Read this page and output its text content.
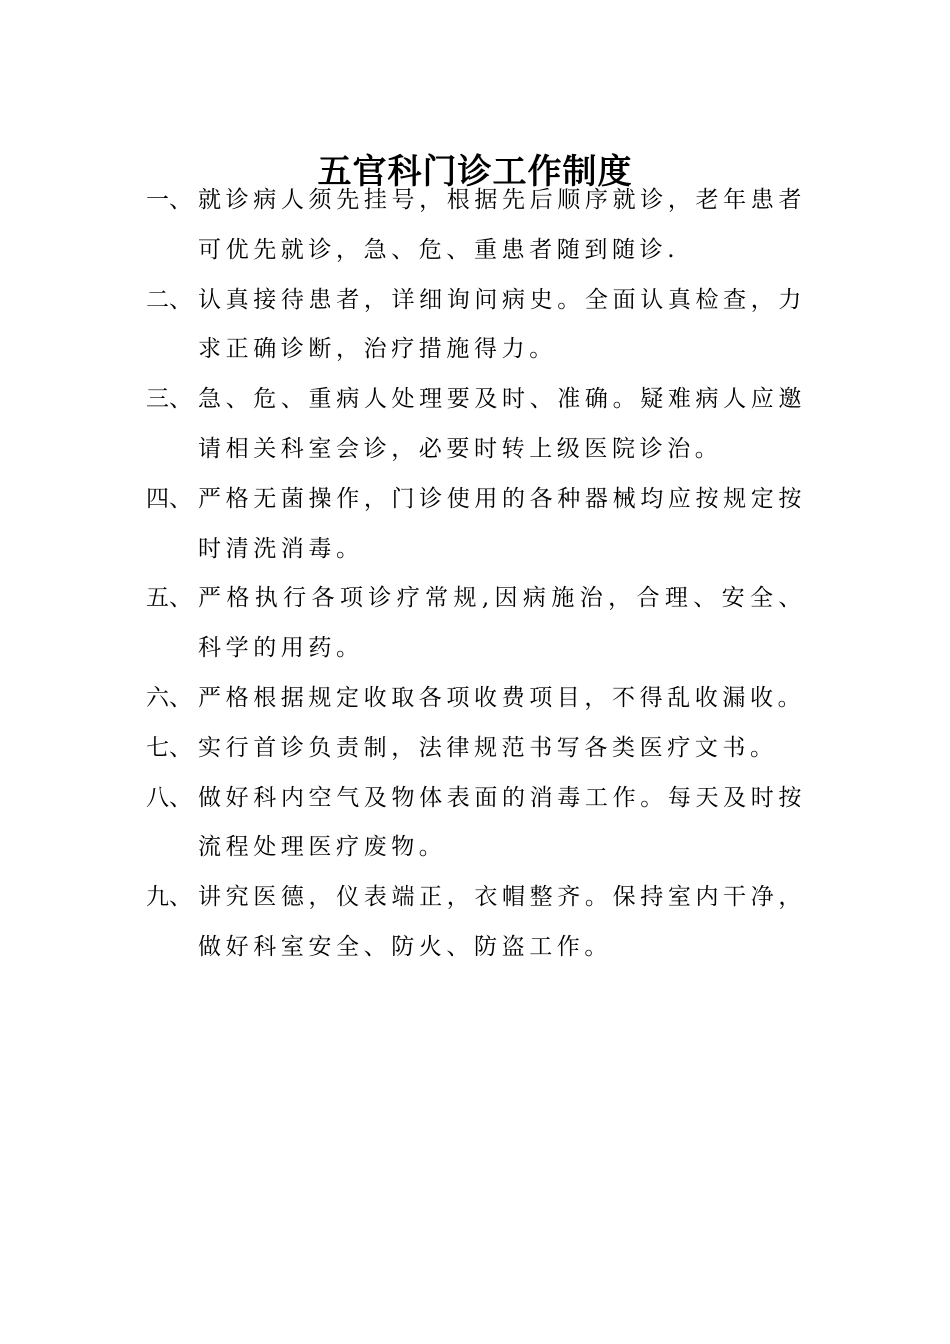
五官科门诊工作制度
一、 就诊病人须先挂号，根据先后顺序就诊，老年患者可优先就诊，急、危、重患者随到随诊.
二、 认真接待患者，详细询问病史。全面认真检查，力求正确诊断，治疗措施得力。
三、 急、危、重病人处理要及时、准确。疑难病人应邀请相关科室会诊，必要时转上级医院诊治。
四、 严格无菌操作，门诊使用的各种器械均应按规定按时清洗消毒。
五、 严格执行各项诊疗常规,因病施治，合理、安全、科学的用药。
六、 严格根据规定收取各项收费项目，不得乱收漏收。
七、 实行首诊负责制，法律规范书写各类医疗文书。
八、 做好科内空气及物体表面的消毒工作。每天及时按流程处理医疗废物。
九、 讲究医德，仪表端正，衣帽整齐。保持室内干净，做好科室安全、防火、防盗工作。
